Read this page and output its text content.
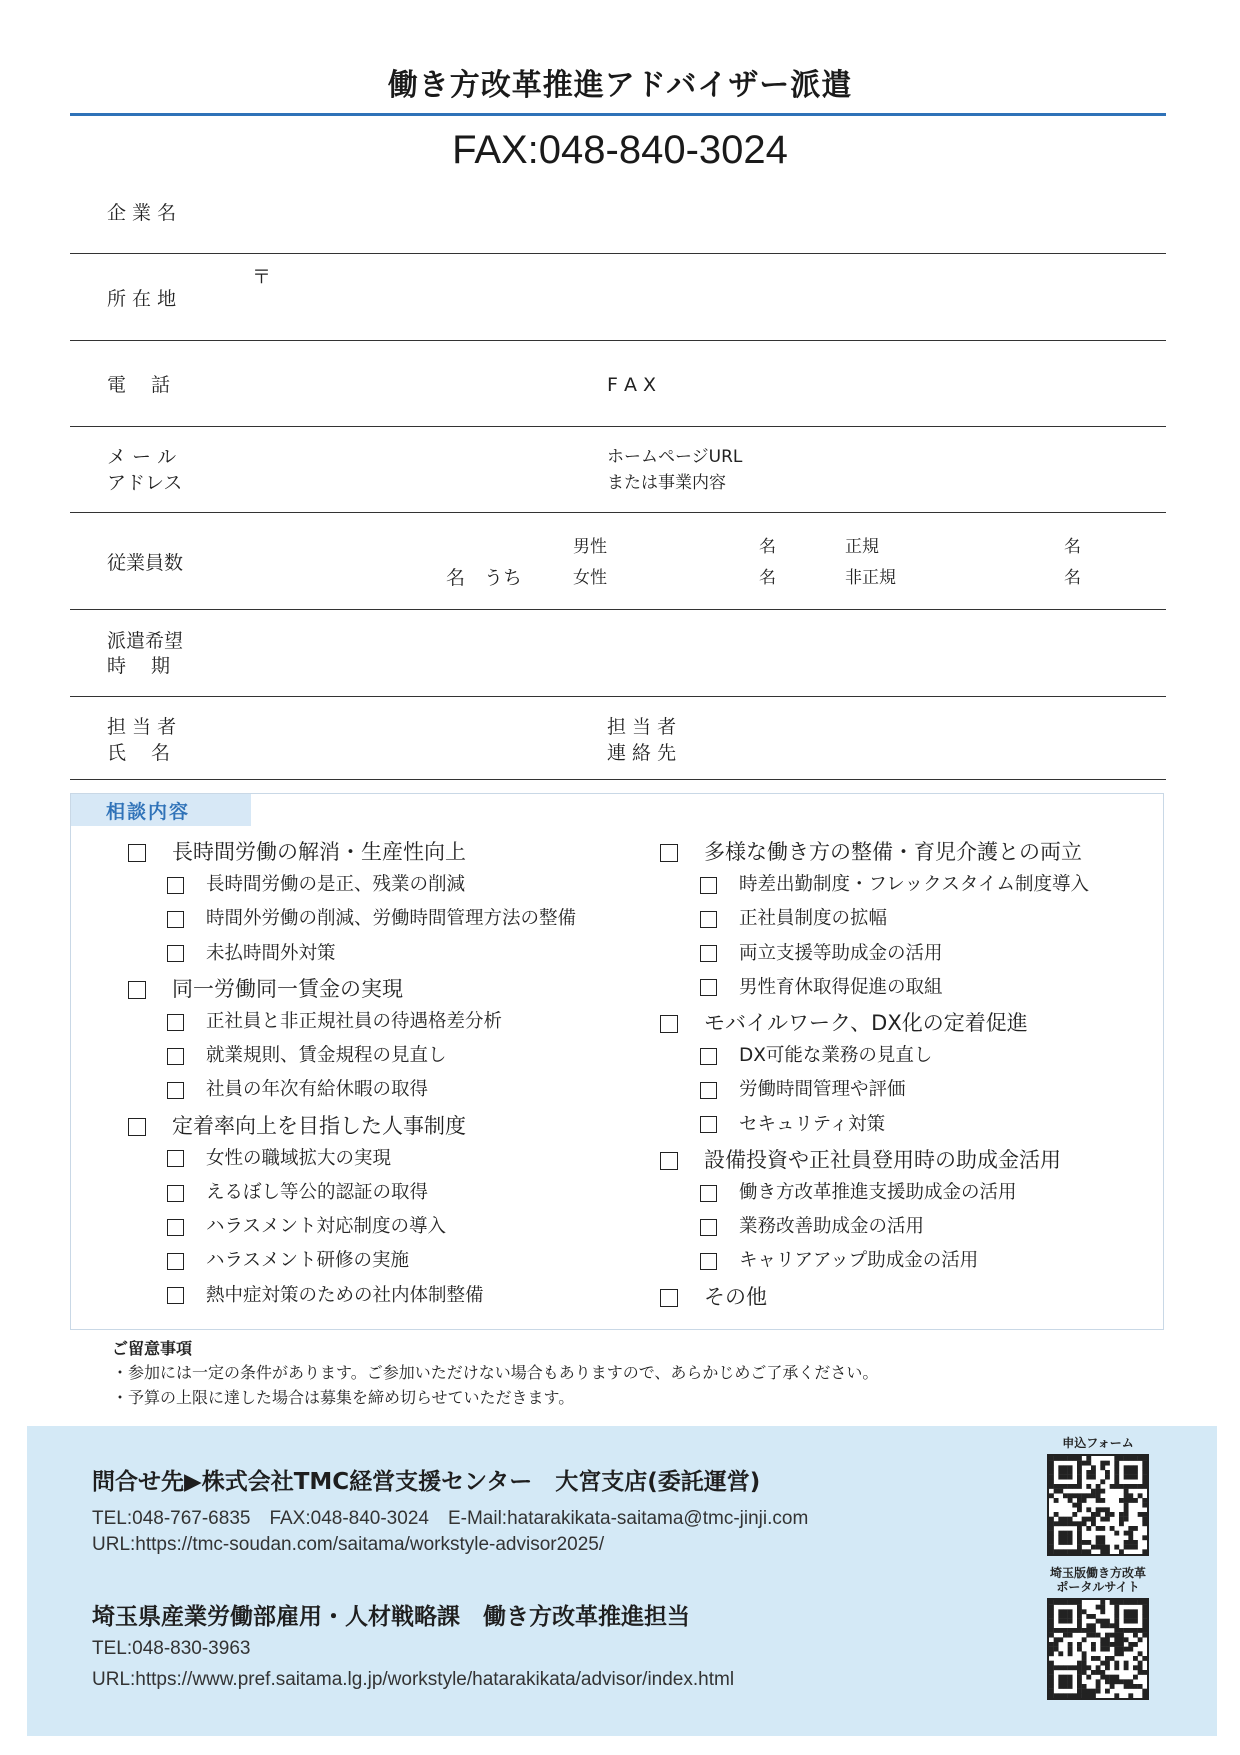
働き方改革推進アドバイザー派遣
FAX:048-840-3024
企 業 名
〒
所 在 地
電　 話	F A X
メ ー ル
アドレス
ホームページURL
または事業内容
従業員数
名　うち
男性
女性
名
名
正規
非正規
名
名
派遣希望
時　 期
担 当 者
氏　 名
担 当 者
連 絡 先
相談内容
長時間労働の解消・生産性向上
長時間労働の是正、残業の削減
時間外労働の削減、労働時間管理方法の整備
未払時間外対策
同一労働同一賃金の実現
正社員と非正規社員の待遇格差分析
就業規則、賃金規程の見直し
社員の年次有給休暇の取得
定着率向上を目指した人事制度
女性の職域拡大の実現
えるぼし等公的認証の取得
ハラスメント対応制度の導入
ハラスメント研修の実施
熱中症対策のための社内体制整備
多様な働き方の整備・育児介護との両立
時差出勤制度・フレックスタイム制度導入
正社員制度の拡幅
両立支援等助成金の活用
男性育休取得促進の取組
モバイルワーク、DX化の定着促進
DX可能な業務の見直し
労働時間管理や評価
セキュリティ対策
設備投資や正社員登用時の助成金活用
働き方改革推進支援助成金の活用
業務改善助成金の活用
キャリアアップ助成金の活用
その他
ご留意事項
・参加には一定の条件があります。ご参加いただけない場合もありますので、あらかじめご了承ください。
・予算の上限に達した場合は募集を締め切らせていただきます。
問合せ先▶株式会社TMC経営支援センター　大宮支店(委託運営)
TEL:048-767-6835　FAX:048-840-3024　E-Mail:hatarakikata-saitama@tmc-jinji.com
URL:https://tmc-soudan.com/saitama/workstyle-advisor2025/
埼玉県産業労働部雇用・人材戦略課　働き方改革推進担当
TEL:048-830-3963
URL:https://www.pref.saitama.lg.jp/workstyle/hatarakikata/advisor/index.html
申込フォーム
埼玉版働き方改革
ポータルサイト
